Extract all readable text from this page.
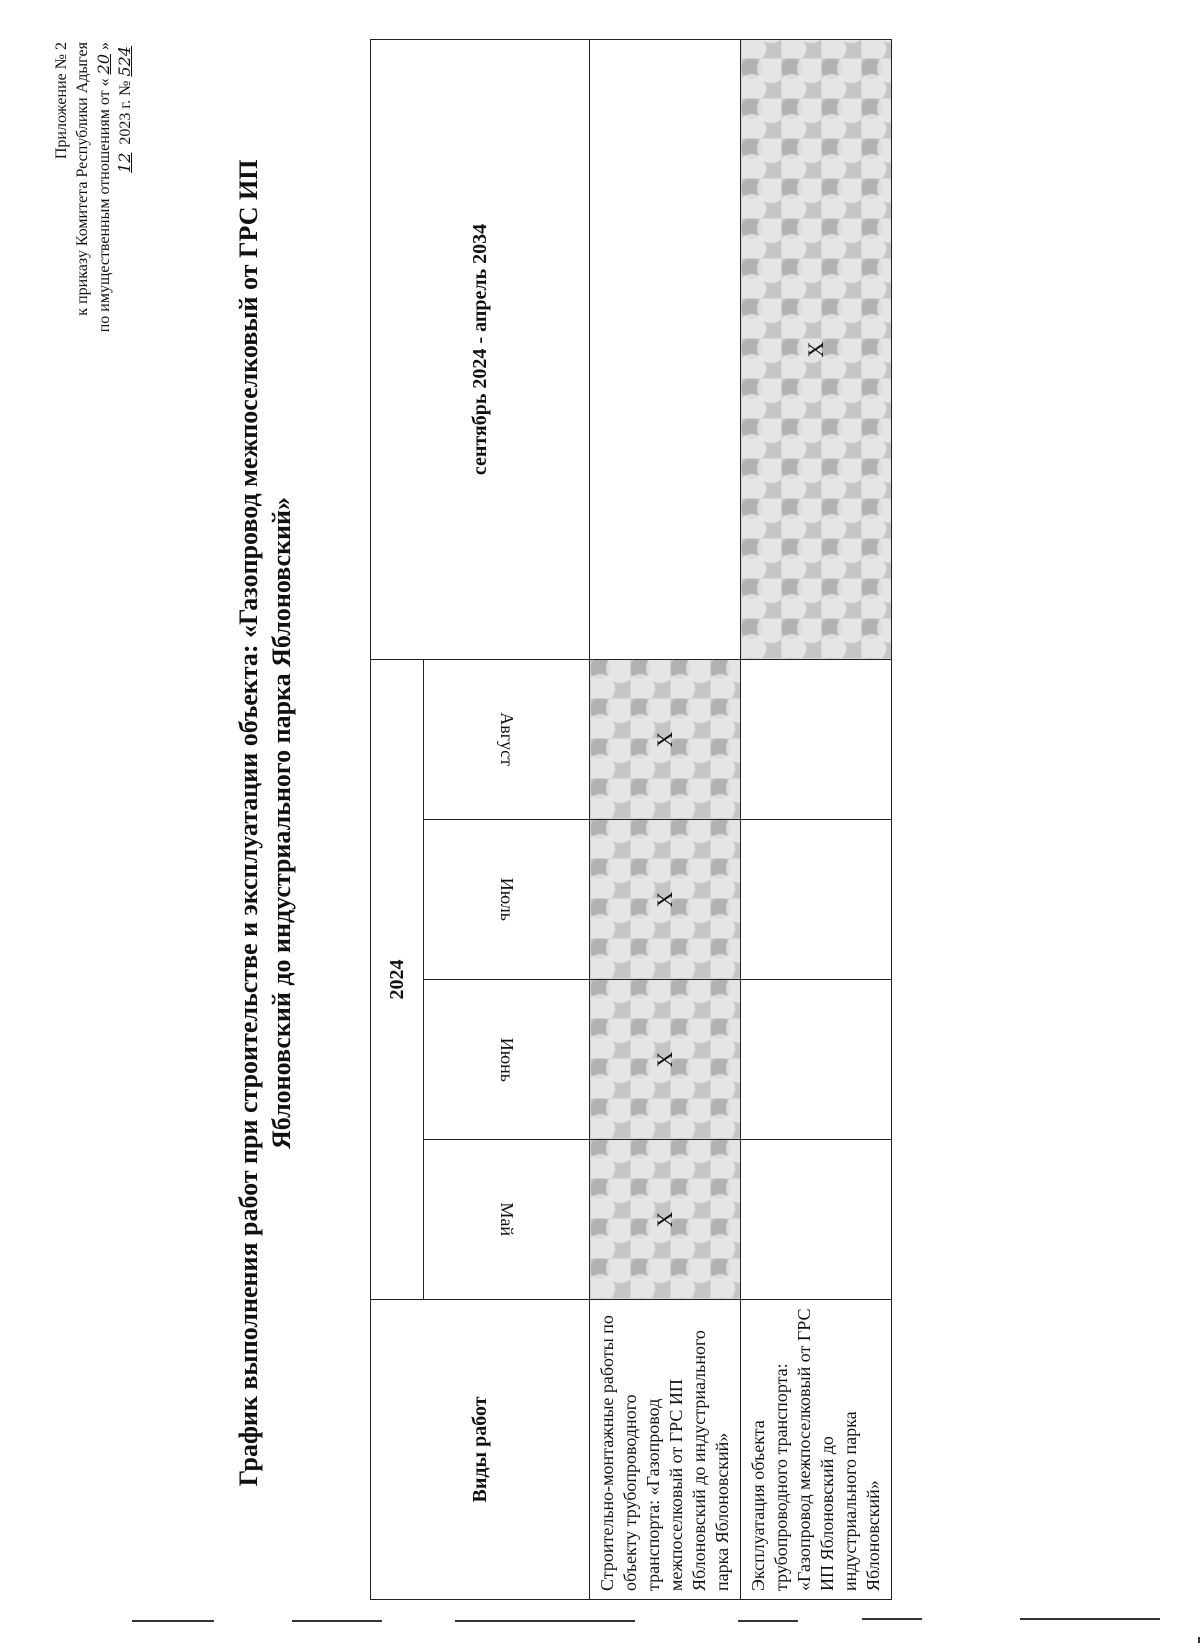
Приложение № 2 к приказу Комитета Республики Адыгея по имущественным отношениям от «20»
12 2023 г. №524
График выполнения работ при строительстве и эксплуатации объекта: «Газопровод межпоселковый от ГРС ИП Яблоновский до индустриального парка Яблоновский»
Виды работ	2024				сентябрь 2024 - апрель 2034
	Май	Июнь	Июль	Август	
Строительно-монтажные работы по объекту трубопроводного транспорта: «Газопровод межпоселковый от ГРС ИП Яблоновский до индустриального парка Яблоновский»	Х	Х	Х	Х	
Эксплуатация объекта трубопроводного транспорта: «Газопровод межпоселковый от ГРС ИП Яблоновский до индустриального парка Яблоновский»					Х
